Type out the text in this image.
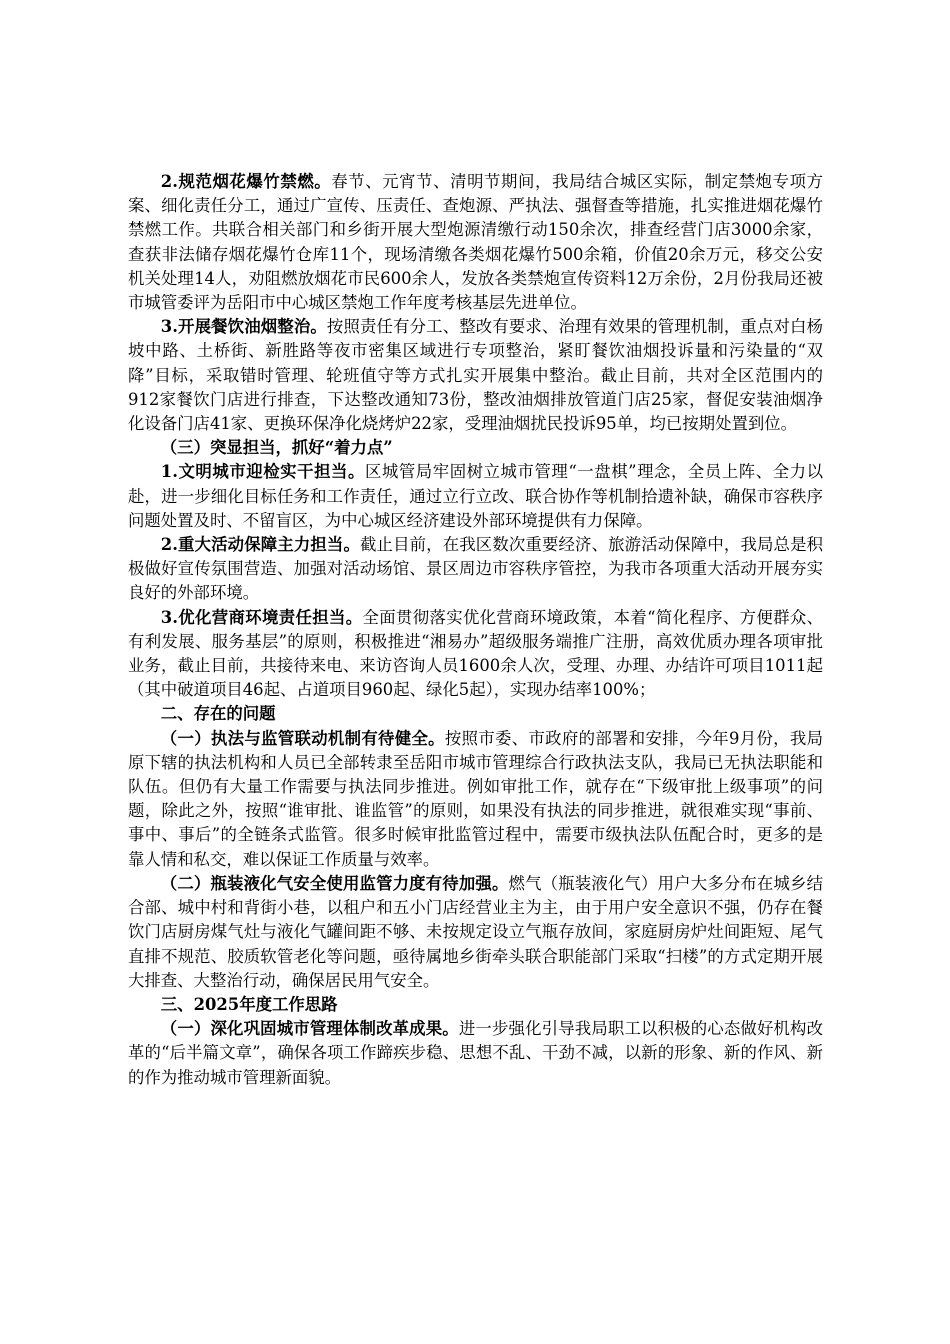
2.规范烟花爆竹禁燃。春节、元宵节、清明节期间，我局结合城区实际，制定禁炮专项方案、细化责任分工，通过广宣传、压责任、查炮源、严执法、强督查等措施，扎实推进烟花爆竹禁燃工作。共联合相关部门和乡街开展大型炮源清缴行动150余次，排查经营门店3000余家，查获非法储存烟花爆竹仓库11个，现场清缴各类烟花爆竹500余箱，价值20余万元，移交公安机关处理14人，劝阻燃放烟花市民600余人，发放各类禁炮宣传资料12万余份，2月份我局还被市城管委评为岳阳市中心城区禁炮工作年度考核基层先进单位。

3.开展餐饮油烟整治。按照责任有分工、整改有要求、治理有效果的管理机制，重点对白杨坡中路、土桥街、新胜路等夜市密集区域进行专项整治，紧盯餐饮油烟投诉量和污染量的“双降”目标，采取错时管理、轮班值守等方式扎实开展集中整治。截止目前，共对全区范围内的912家餐饮门店进行排查，下达整改通知73份，整改油烟排放管道门店25家，督促安装油烟净化设备门店41家、更换环保净化烧烤炉22家，受理油烟扰民投诉95单，均已按期处置到位。

（三）突显担当，抓好“着力点”

1.文明城市迎检实干担当。区城管局牢固树立城市管理“一盘棋”理念，全员上阵、全力以赴，进一步细化目标任务和工作责任，通过立行立改、联合协作等机制拾遗补缺，确保市容秩序问题处置及时、不留盲区，为中心城区经济建设外部环境提供有力保障。

2.重大活动保障主力担当。截止目前，在我区数次重要经济、旅游活动保障中，我局总是积极做好宣传氛围营造、加强对活动场馆、景区周边市容秩序管控，为我市各项重大活动开展夯实良好的外部环境。

3.优化营商环境责任担当。全面贯彻落实优化营商环境政策，本着“简化程序、方便群众、有利发展、服务基层”的原则，积极推进“湘易办”超级服务端推广注册，高效优质办理各项审批业务，截止目前，共接待来电、来访咨询人员1600余人次，受理、办理、办结许可项目1011起（其中破道项目46起、占道项目960起、绿化5起），实现办结率100%；

二、存在的问题

（一）执法与监管联动机制有待健全。按照市委、市政府的部署和安排，今年9月份，我局原下辖的执法机构和人员已全部转隶至岳阳市城市管理综合行政执法支队，我局已无执法职能和队伍。但仍有大量工作需要与执法同步推进。例如审批工作，就存在“下级审批上级事项”的问题，除此之外，按照“谁审批、谁监管”的原则，如果没有执法的同步推进，就很难实现“事前、事中、事后”的全链条式监管。很多时候审批监管过程中，需要市级执法队伍配合时，更多的是靠人情和私交，难以保证工作质量与效率。

（二）瓶装液化气安全使用监管力度有待加强。燃气（瓶装液化气）用户大多分布在城乡结合部、城中村和背街小巷，以租户和五小门店经营业主为主，由于用户安全意识不强，仍存在餐饮门店厨房煤气灶与液化气罐间距不够、未按规定设立气瓶存放间，家庭厨房炉灶间距短、尾气直排不规范、胶质软管老化等问题，亟待属地乡街牵头联合职能部门采取“扫楼”的方式定期开展大排查、大整治行动，确保居民用气安全。

三、2025年度工作思路

（一）深化巩固城市管理体制改革成果。进一步强化引导我局职工以积极的心态做好机构改革的“后半篇文章”，确保各项工作蹄疾步稳、思想不乱、干劲不减，以新的形象、新的作风、新的作为推动城市管理新面貌。
